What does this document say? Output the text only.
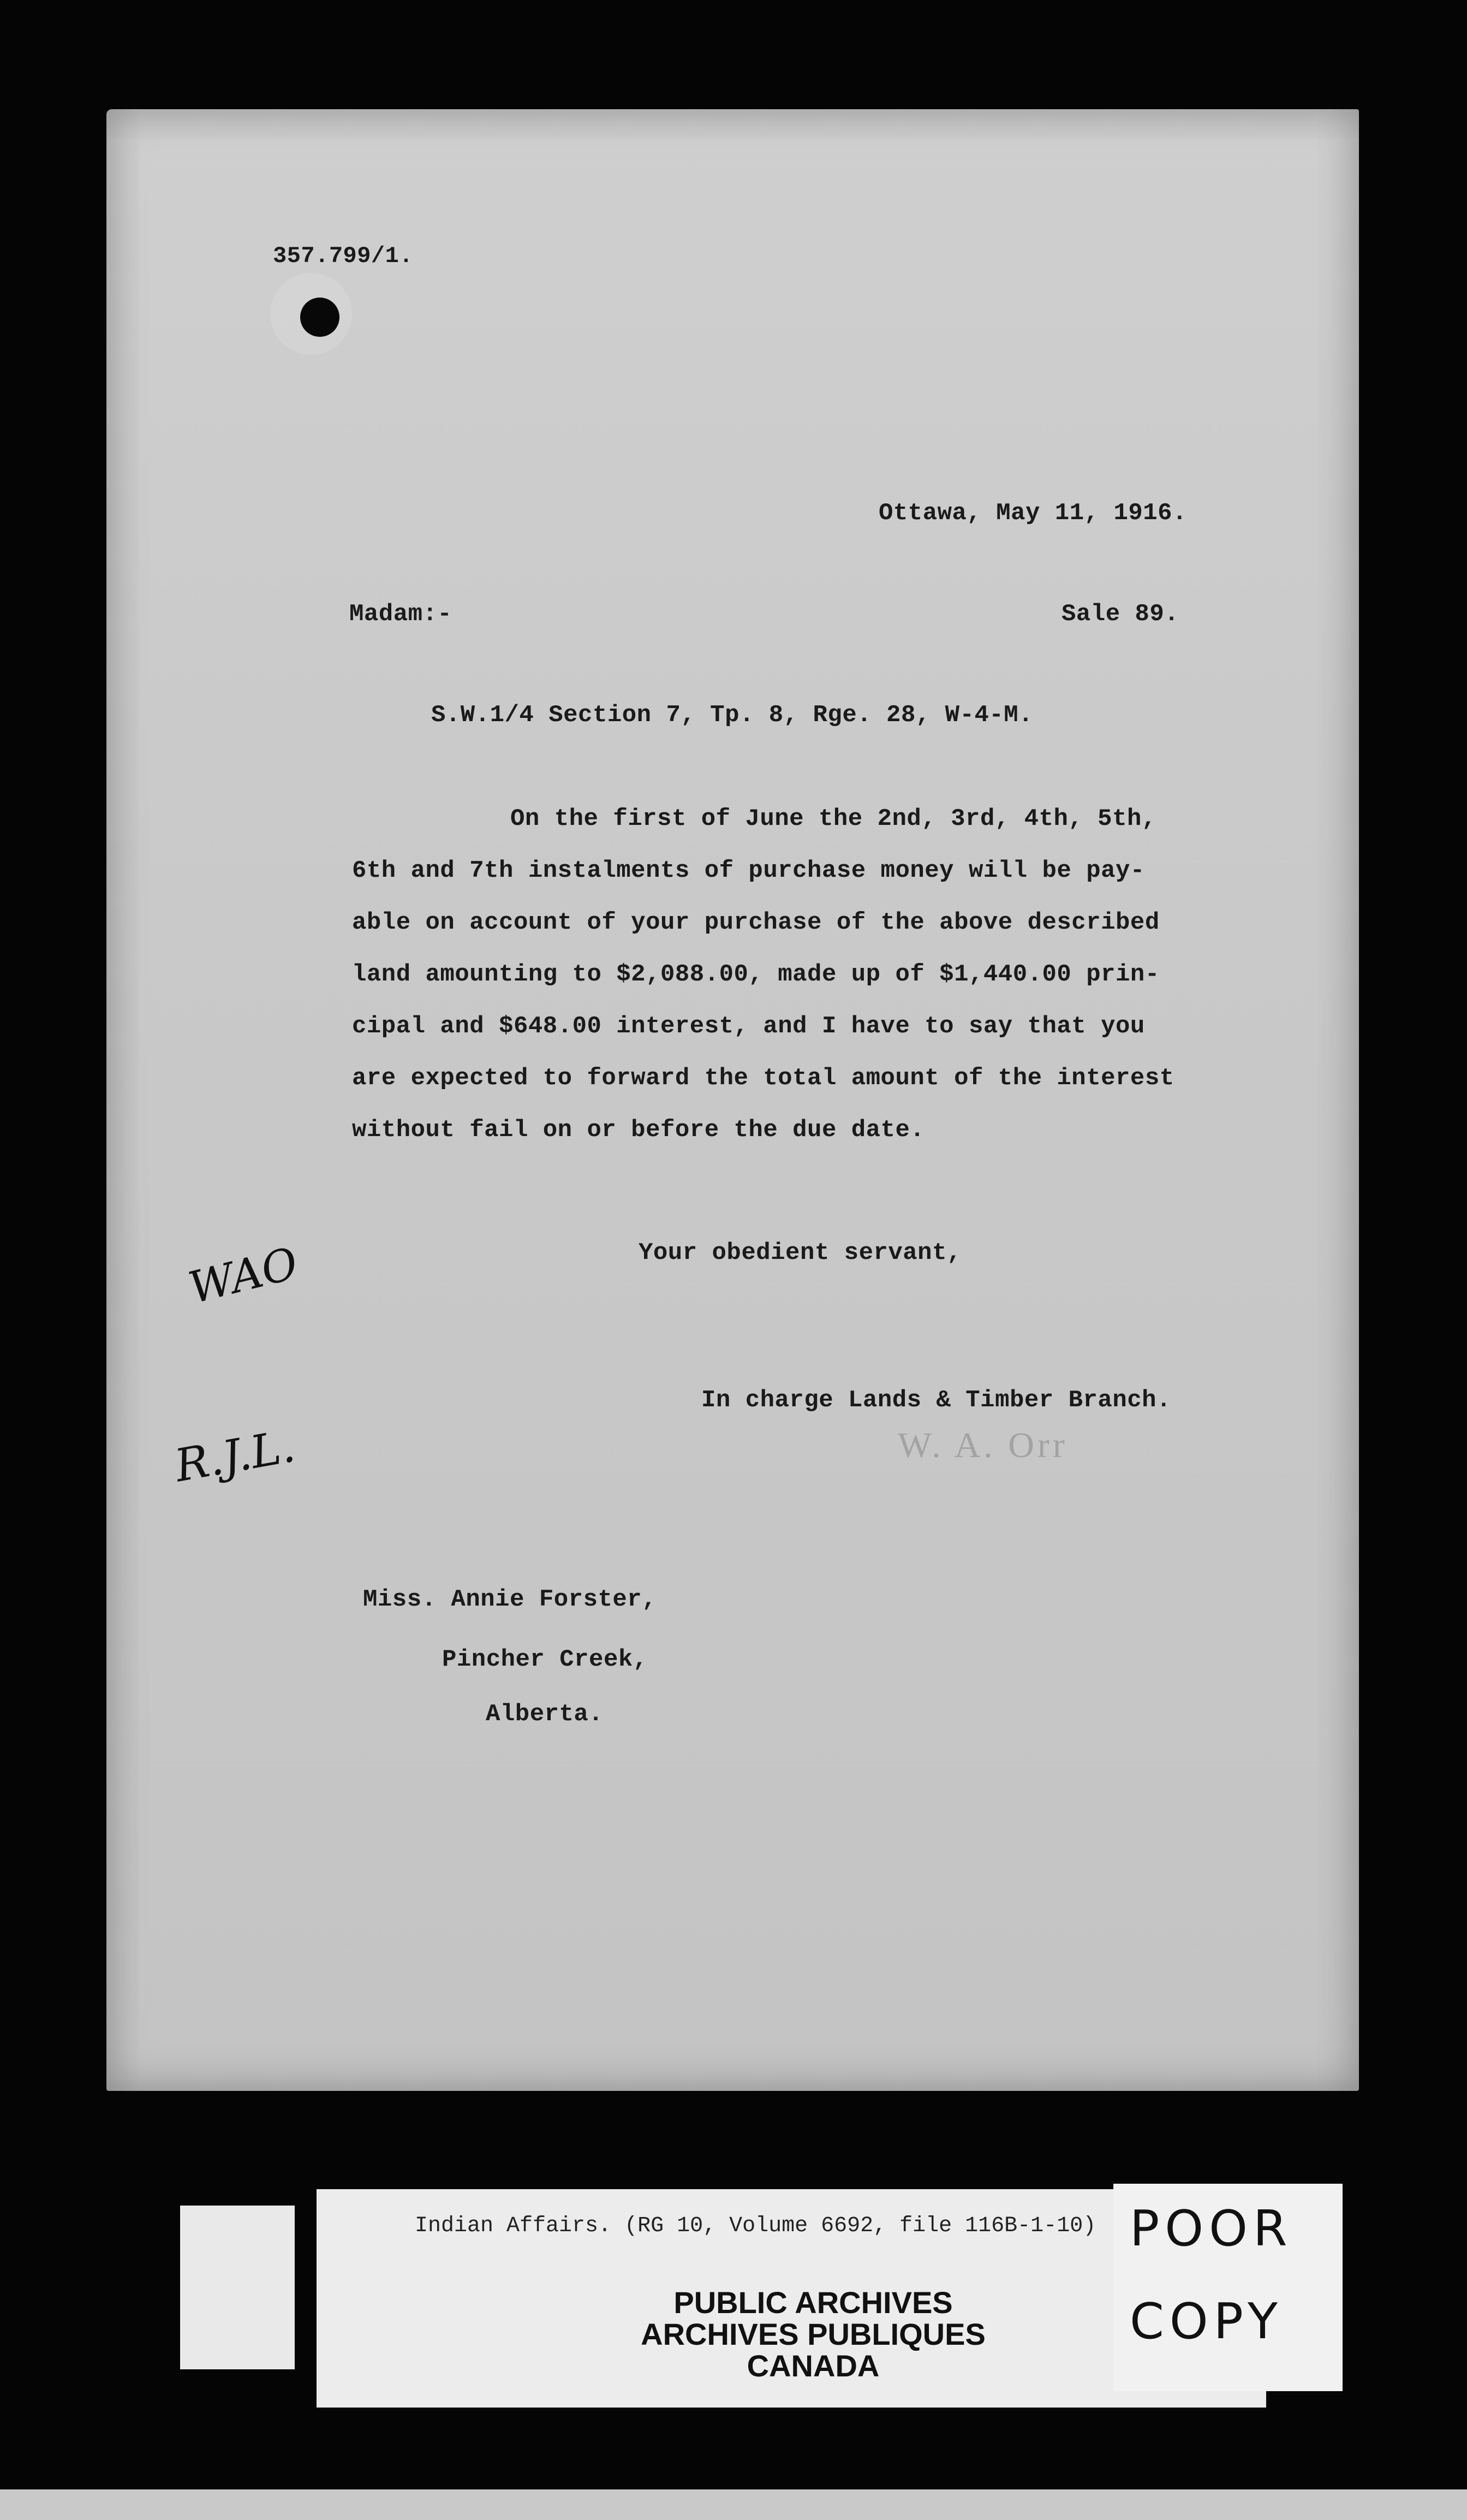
357.799/1.
Ottawa, May 11, 1916.
Madam:-	Sale 89.
S.W.1/4 Section 7, Tp. 8, Rge. 28, W-4-M.
On the first of June the 2nd, 3rd, 4th, 5th,
6th and 7th instalments of purchase money will be pay-
able on account of your purchase of the above described
land amounting to $2,088.00, made up of $1,440.00 prin-
cipal and $648.00 interest, and I have to say that you
are expected to forward the total amount of the interest
without fail on or before the due date.
Your obedient servant,
W. A. Orr
In charge Lands & Timber Branch.
Miss. Annie Forster,
Pincher Creek,
Alberta.
WAO
R.J.L.
Indian Affairs. (RG 10, Volume 6692, file 116B-1-10)
PUBLIC ARCHIVES
ARCHIVES PUBLIQUES
CANADA
POOR
COPY
